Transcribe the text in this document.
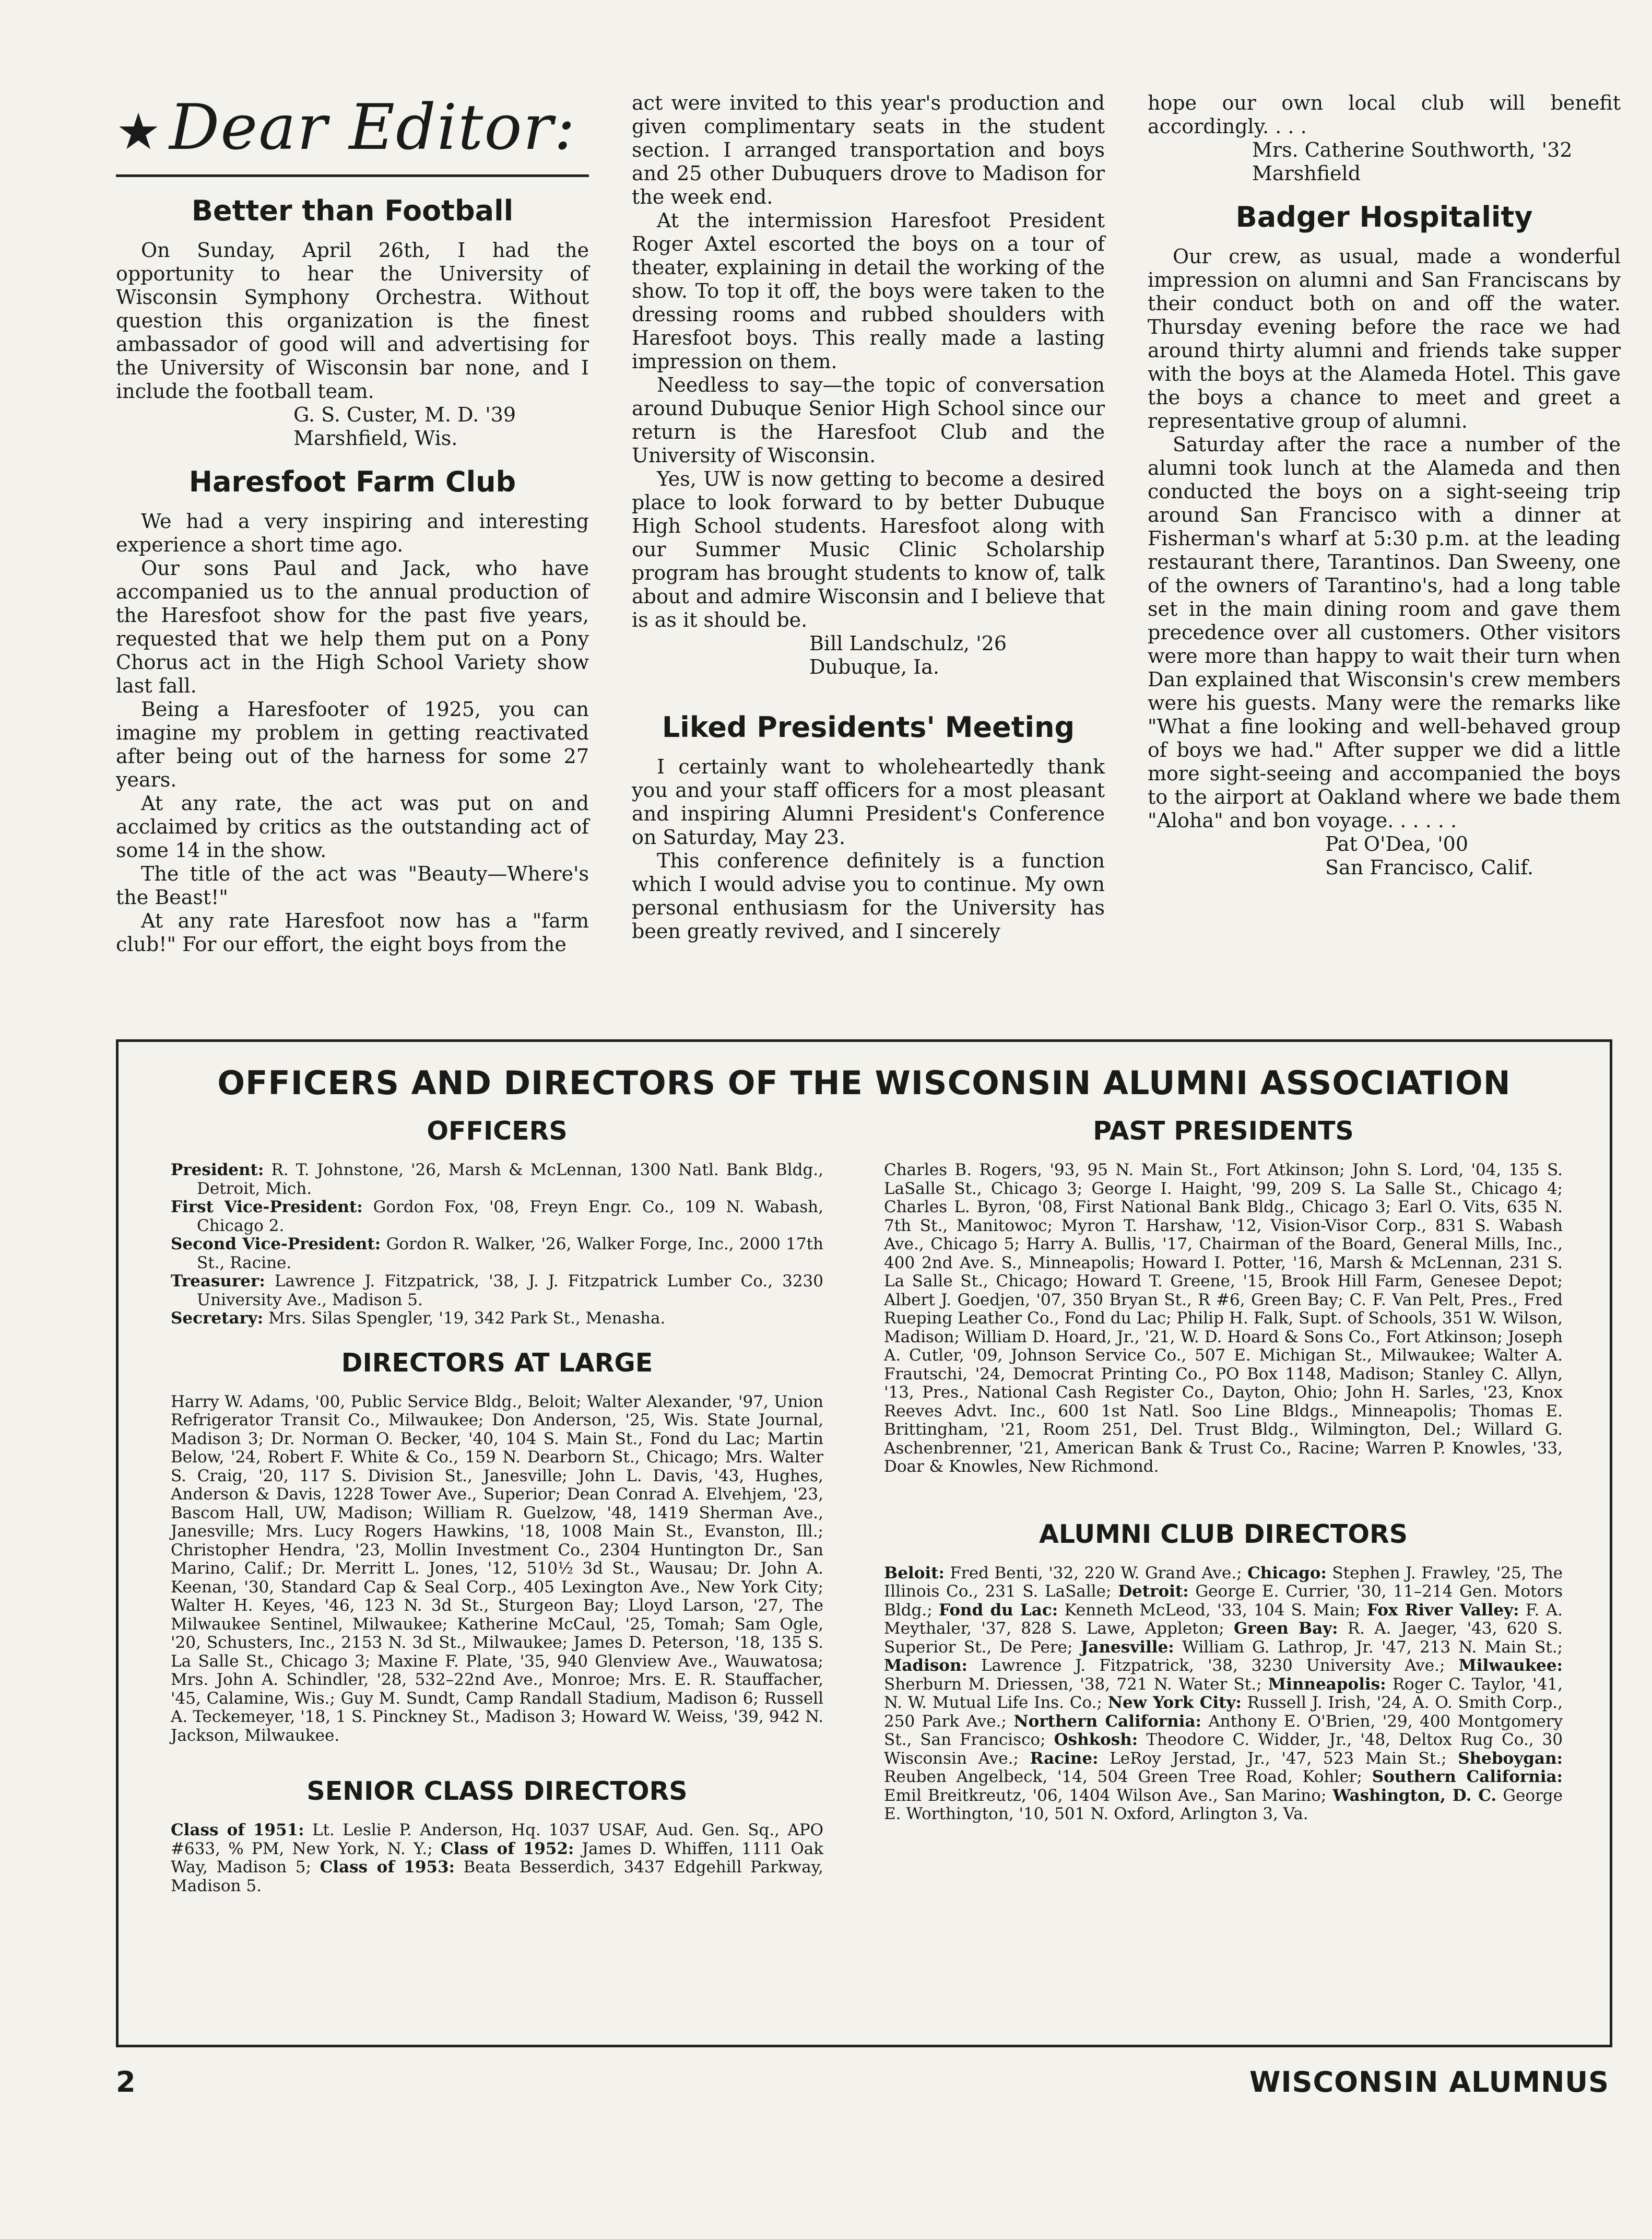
★ Dear Editor:
Better than Football

On Sunday, April 26th, I had the opportunity to hear the University of Wisconsin Symphony Orchestra. Without question this organization is the finest ambassador of good will and advertising for the University of Wisconsin bar none, and I include the football team.

G. S. Custer, M. D. '39
Marshfield, Wis.
Haresfoot Farm Club

We had a very inspiring and interesting experience a short time ago.

Our sons Paul and Jack, who have accompanied us to the annual production of the Haresfoot show for the past five years, requested that we help them put on a Pony Chorus act in the High School Variety show last fall.

Being a Haresfooter of 1925, you can imagine my problem in getting reactivated after being out of the harness for some 27 years.

At any rate, the act was put on and acclaimed by critics as the outstanding act of some 14 in the show.

The title of the act was "Beauty—Where's the Beast!"

At any rate Haresfoot now has a "farm club!" For our effort, the eight boys from the

act were invited to this year's production and given complimentary seats in the student section. I arranged transportation and boys and 25 other Dubuquers drove to Madison for the week end.

At the intermission Haresfoot President Roger Axtel escorted the boys on a tour of theater, explaining in detail the working of the show. To top it off, the boys were taken to the dressing rooms and rubbed shoulders with Haresfoot boys. This really made a lasting impression on them.

Needless to say—the topic of conversation around Dubuque Senior High School since our return is the Haresfoot Club and the University of Wisconsin.

Yes, UW is now getting to become a desired place to look forward to by better Dubuque High School students. Haresfoot along with our Summer Music Clinic Scholarship program has brought students to know of, talk about and admire Wisconsin and I believe that is as it should be.

Bill Landschulz, '26
Dubuque, Ia.
Liked Presidents' Meeting

I certainly want to wholeheartedly thank you and your staff officers for a most pleasant and inspiring Alumni President's Conference on Saturday, May 23.

This conference definitely is a function which I would advise you to continue. My own personal enthusiasm for the University has been greatly revived, and I sincerely

hope our own local club will benefit accordingly. . . .

Mrs. Catherine Southworth, '32
Marshfield
Badger Hospitality

Our crew, as usual, made a wonderful impression on alumni and San Franciscans by their conduct both on and off the water. Thursday evening before the race we had around thirty alumni and friends take supper with the boys at the Alameda Hotel. This gave the boys a chance to meet and greet a representative group of alumni.

Saturday after the race a number of the alumni took lunch at the Alameda and then conducted the boys on a sight-seeing trip around San Francisco with a dinner at Fisherman's wharf at 5:30 p.m. at the leading restaurant there, Tarantinos. Dan Sweeny, one of the owners of Tarantino's, had a long table set in the main dining room and gave them precedence over all customers. Other visitors were more than happy to wait their turn when Dan explained that Wisconsin's crew members were his guests. Many were the remarks like "What a fine looking and well-behaved group of boys we had." After supper we did a little more sight-seeing and accompanied the boys to the airport at Oakland where we bade them "Aloha" and bon voyage. . . . . .

Pat O'Dea, '00
San Francisco, Calif.
OFFICERS AND DIRECTORS OF THE WISCONSIN ALUMNI ASSOCIATION
OFFICERS

President: R. T. Johnstone, '26, Marsh & McLennan, 1300 Natl. Bank Bldg., Detroit, Mich.

First Vice-President: Gordon Fox, '08, Freyn Engr. Co., 109 N. Wabash, Chicago 2.

Second Vice-President: Gordon R. Walker, '26, Walker Forge, Inc., 2000 17th St., Racine.

Treasurer: Lawrence J. Fitzpatrick, '38, J. J. Fitzpatrick Lumber Co., 3230 University Ave., Madison 5.

Secretary: Mrs. Silas Spengler, '19, 342 Park St., Menasha.

DIRECTORS AT LARGE

Harry W. Adams, '00, Public Service Bldg., Beloit; Walter Alexander, '97, Union Refrigerator Transit Co., Milwaukee; Don Anderson, '25, Wis. State Journal, Madison 3; Dr. Norman O. Becker, '40, 104 S. Main St., Fond du Lac; Martin Below, '24, Robert F. White & Co., 159 N. Dearborn St., Chicago; Mrs. Walter S. Craig, '20, 117 S. Division St., Janesville; John L. Davis, '43, Hughes, Anderson & Davis, 1228 Tower Ave., Superior; Dean Conrad A. Elvehjem, '23, Bascom Hall, UW, Madison; William R. Guelzow, '48, 1419 Sherman Ave., Janesville; Mrs. Lucy Rogers Hawkins, '18, 1008 Main St., Evanston, Ill.; Christopher Hendra, '23, Mollin Investment Co., 2304 Huntington Dr., San Marino, Calif.; Dr. Merritt L. Jones, '12, 510½ 3d St., Wausau; Dr. John A. Keenan, '30, Standard Cap & Seal Corp., 405 Lexington Ave., New York City; Walter H. Keyes, '46, 123 N. 3d St., Sturgeon Bay; Lloyd Larson, '27, The Milwaukee Sentinel, Milwaukee; Katherine McCaul, '25, Tomah; Sam Ogle, '20, Schusters, Inc., 2153 N. 3d St., Milwaukee; James D. Peterson, '18, 135 S. La Salle St., Chicago 3; Maxine F. Plate, '35, 940 Glenview Ave., Wauwatosa; Mrs. John A. Schindler, '28, 532–22nd Ave., Monroe; Mrs. E. R. Stauffacher, '45, Calamine, Wis.; Guy M. Sundt, Camp Randall Stadium, Madison 6; Russell A. Teckemeyer, '18, 1 S. Pinckney St., Madison 3; Howard W. Weiss, '39, 942 N. Jackson, Milwaukee.

SENIOR CLASS DIRECTORS

Class of 1951: Lt. Leslie P. Anderson, Hq. 1037 USAF, Aud. Gen. Sq., APO #633, % PM, New York, N. Y.; Class of 1952: James D. Whiffen, 1111 Oak Way, Madison 5; Class of 1953: Beata Besserdich, 3437 Edgehill Parkway, Madison 5.

PAST PRESIDENTS

Charles B. Rogers, '93, 95 N. Main St., Fort Atkinson; John S. Lord, '04, 135 S. LaSalle St., Chicago 3; George I. Haight, '99, 209 S. La Salle St., Chicago 4; Charles L. Byron, '08, First National Bank Bldg., Chicago 3; Earl O. Vits, 635 N. 7th St., Manitowoc; Myron T. Harshaw, '12, Vision-Visor Corp., 831 S. Wabash Ave., Chicago 5; Harry A. Bullis, '17, Chairman of the Board, General Mills, Inc., 400 2nd Ave. S., Minneapolis; Howard I. Potter, '16, Marsh & McLennan, 231 S. La Salle St., Chicago; Howard T. Greene, '15, Brook Hill Farm, Genesee Depot; Albert J. Goedjen, '07, 350 Bryan St., R #6, Green Bay; C. F. Van Pelt, Pres., Fred Rueping Leather Co., Fond du Lac; Philip H. Falk, Supt. of Schools, 351 W. Wilson, Madison; William D. Hoard, Jr., '21, W. D. Hoard & Sons Co., Fort Atkinson; Joseph A. Cutler, '09, Johnson Service Co., 507 E. Michigan St., Milwaukee; Walter A. Frautschi, '24, Democrat Printing Co., PO Box 1148, Madison; Stanley C. Allyn, '13, Pres., National Cash Register Co., Dayton, Ohio; John H. Sarles, '23, Knox Reeves Advt. Inc., 600 1st Natl. Soo Line Bldgs., Minneapolis; Thomas E. Brittingham, '21, Room 251, Del. Trust Bldg., Wilmington, Del.; Willard G. Aschenbrenner, '21, American Bank & Trust Co., Racine; Warren P. Knowles, '33, Doar & Knowles, New Richmond.

ALUMNI CLUB DIRECTORS

Beloit: Fred Benti, '32, 220 W. Grand Ave.; Chicago: Stephen J. Frawley, '25, The Illinois Co., 231 S. LaSalle; Detroit: George E. Currier, '30, 11–214 Gen. Motors Bldg.; Fond du Lac: Kenneth McLeod, '33, 104 S. Main; Fox River Valley: F. A. Meythaler, '37, 828 S. Lawe, Appleton; Green Bay: R. A. Jaeger, '43, 620 S. Superior St., De Pere; Janesville: William G. Lathrop, Jr. '47, 213 N. Main St.; Madison: Lawrence J. Fitzpatrick, '38, 3230 University Ave.; Milwaukee: Sherburn M. Driessen, '38, 721 N. Water St.; Minneapolis: Roger C. Taylor, '41, N. W. Mutual Life Ins. Co.; New York City: Russell J. Irish, '24, A. O. Smith Corp., 250 Park Ave.; Northern California: Anthony E. O'Brien, '29, 400 Montgomery St., San Francisco; Oshkosh: Theodore C. Widder, Jr., '48, Deltox Rug Co., 30 Wisconsin Ave.; Racine: LeRoy Jerstad, Jr., '47, 523 Main St.; Sheboygan: Reuben Angelbeck, '14, 504 Green Tree Road, Kohler; Southern California: Emil Breitkreutz, '06, 1404 Wilson Ave., San Marino; Washington, D. C. George E. Worthington, '10, 501 N. Oxford, Arlington 3, Va.

2	WISCONSIN ALUMNUS
